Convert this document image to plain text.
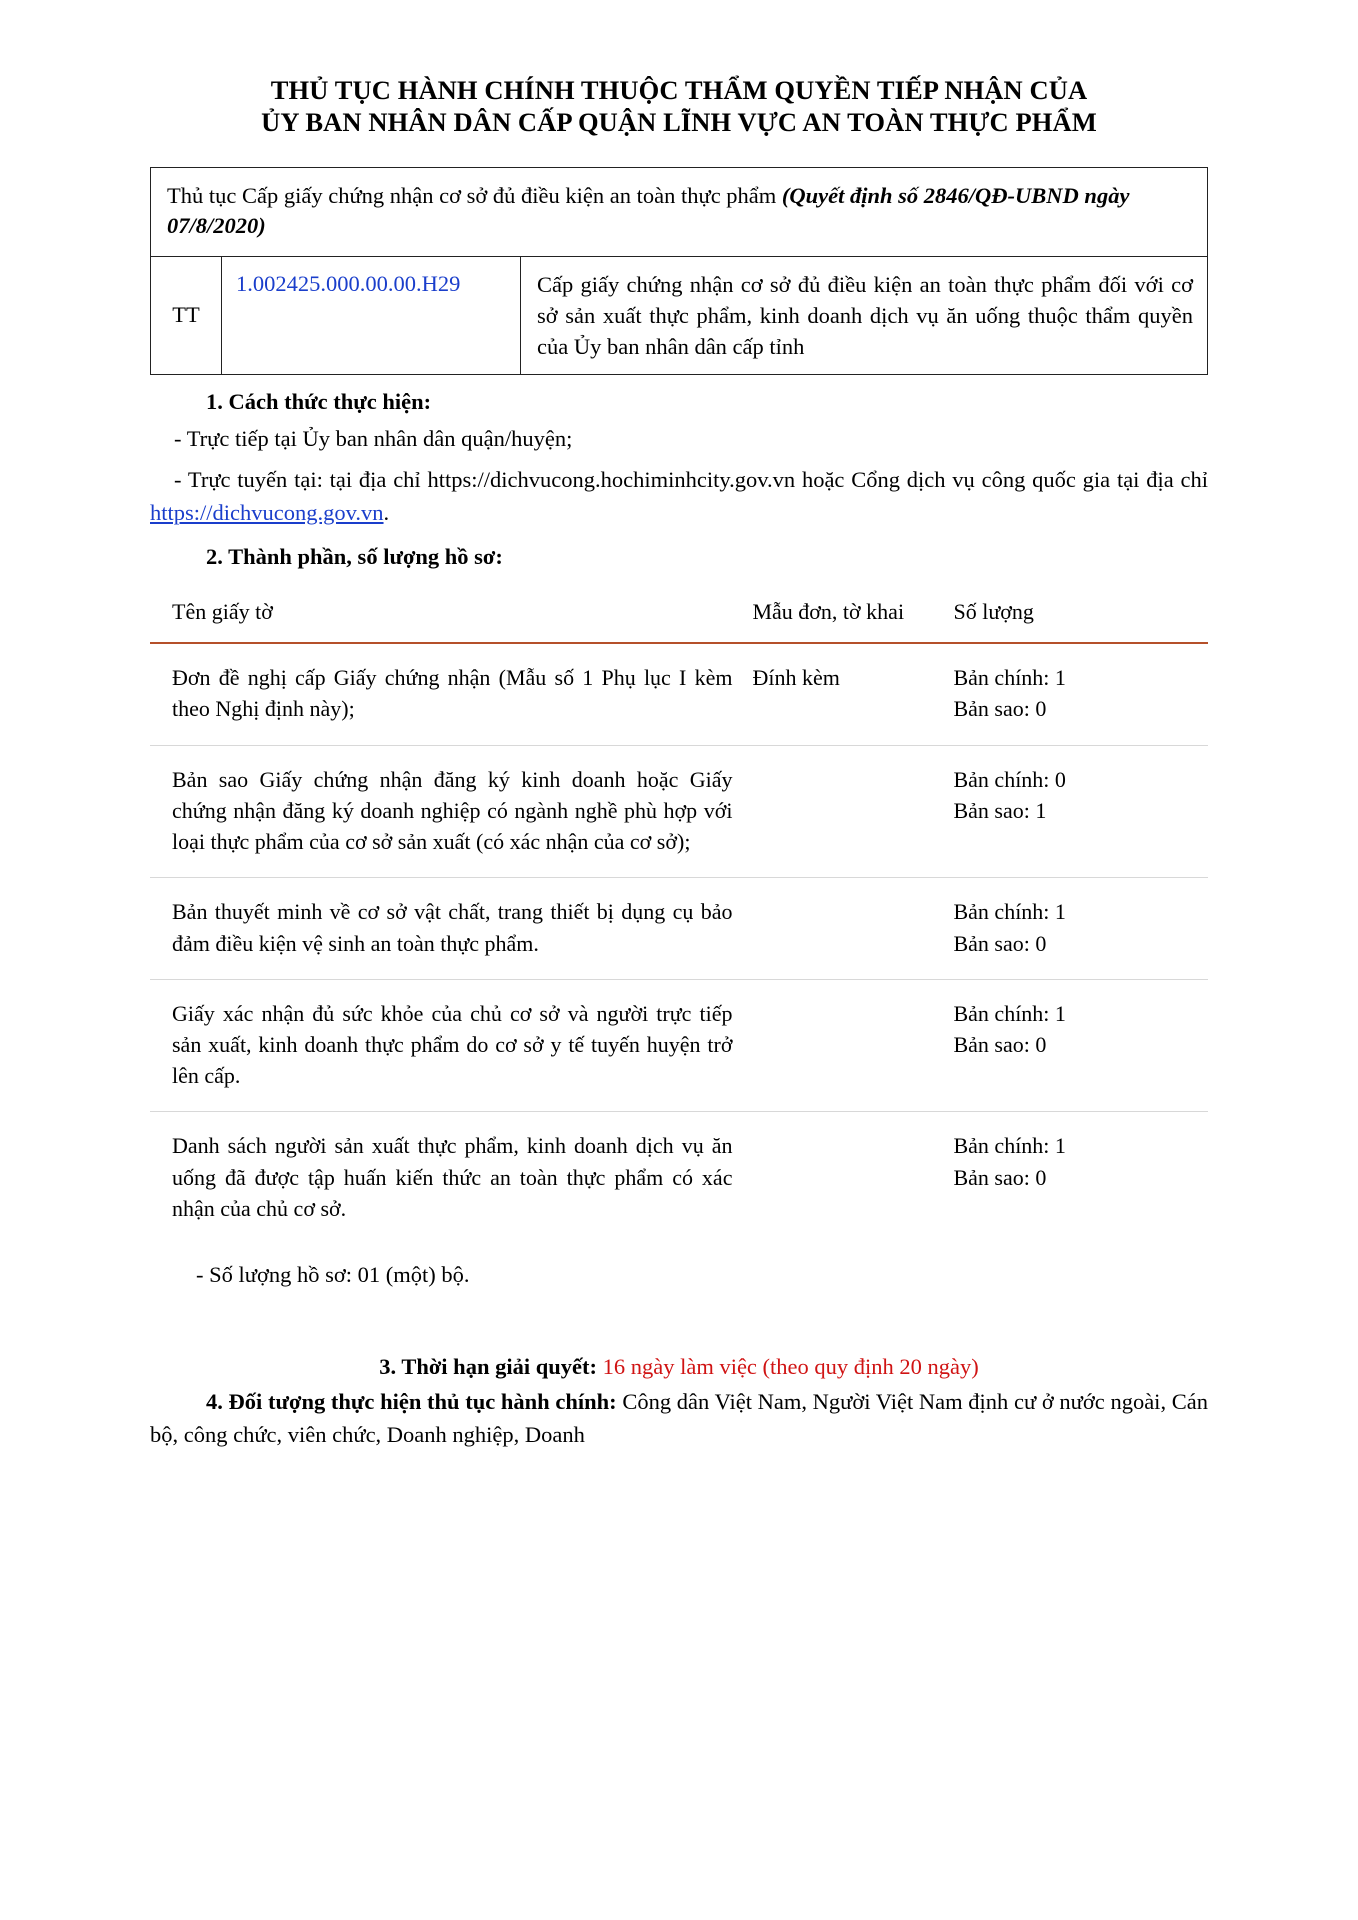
THỦ TỤC HÀNH CHÍNH THUỘC THẨM QUYỀN TIẾP NHẬN CỦA
ỦY BAN NHÂN DÂN CẤP QUẬN LĨNH VỰC AN TOÀN THỰC PHẨM
Thủ tục Cấp giấy chứng nhận cơ sở đủ điều kiện an toàn thực phẩm (Quyết định số 2846/QĐ-UBND ngày 07/8/2020)
TT	1.002425.000.00.00.H29	Cấp giấy chứng nhận cơ sở đủ điều kiện an toàn thực phẩm đối với cơ sở sản xuất thực phẩm, kinh doanh dịch vụ ăn uống thuộc thẩm quyền của Ủy ban nhân dân cấp tỉnh
1. Cách thức thực hiện:

- Trực tiếp tại Ủy ban nhân dân quận/huyện;

- Trực tuyến tại: tại địa chỉ https://dichvucong.hochiminhcity.gov.vn hoặc Cổng dịch vụ công quốc gia tại địa chỉ https://dichvucong.gov.vn.

2. Thành phần, số lượng hồ sơ:
Tên giấy tờ	Mẫu đơn, tờ khai	Số lượng
Đơn đề nghị cấp Giấy chứng nhận (Mẫu số 1 Phụ lục I kèm theo Nghị định này);	Đính kèm	Bản chính: 1
Bản sao: 0

Bản sao Giấy chứng nhận đăng ký kinh doanh hoặc Giấy chứng nhận đăng ký doanh nghiệp có ngành nghề phù hợp với loại thực phẩm của cơ sở sản xuất (có xác nhận của cơ sở);		Bản chính: 0
Bản sao: 1

Bản thuyết minh về cơ sở vật chất, trang thiết bị dụng cụ bảo đảm điều kiện vệ sinh an toàn thực phẩm.		Bản chính: 1
Bản sao: 0

Giấy xác nhận đủ sức khỏe của chủ cơ sở và người trực tiếp sản xuất, kinh doanh thực phẩm do cơ sở y tế tuyến huyện trở lên cấp.		Bản chính: 1
Bản sao: 0

Danh sách người sản xuất thực phẩm, kinh doanh dịch vụ ăn uống đã được tập huấn kiến thức an toàn thực phẩm có xác nhận của chủ cơ sở.		Bản chính: 1
Bản sao: 0

- Số lượng hồ sơ: 01 (một) bộ.

3. Thời hạn giải quyết: 16 ngày làm việc (theo quy định 20 ngày)

4. Đối tượng thực hiện thủ tục hành chính: Công dân Việt Nam, Người Việt Nam định cư ở nước ngoài, Cán bộ, công chức, viên chức, Doanh nghiệp, Doanh
